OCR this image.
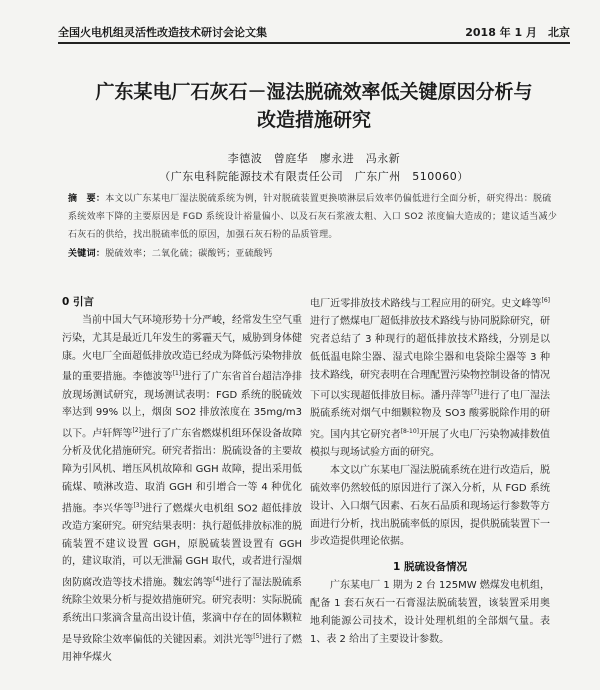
全国火电机组灵活性改造技术研讨会论文集	2018 年 1 月　北京
广东某电厂石灰石－湿法脱硫效率低关键原因分析与
改造措施研究
李德波　曾庭华　廖永进　冯永新
（广东电科院能源技术有限责任公司　广东广州　510060）
摘　要：本文以广东某电厂湿法脱硫系统为例，针对脱硫装置更换喷淋层后效率仍偏低进行全面分析，研究得出：脱硫系统效率下降的主要原因是 FGD 系统设计裕量偏小、以及石灰石浆液太粗、入口 SO2 浓度偏大造成的；建议适当减少石灰石的供给，找出脱硫率低的原因，加强石灰石粉的品质管理。
关键词：脱硫效率；二氧化硫；碳酸钙；亚硫酸钙
0 引言

当前中国大气环境形势十分严峻，经常发生空气重污染，尤其是最近几年发生的雾霾天气，威胁到身体健康。火电厂全面超低排放改造已经成为降低污染物排放量的重要措施。李德波等[1]进行了广东省首台超洁净排放现场测试研究，现场测试表明：FGD 系统的脱硫效率达到 99% 以上，烟囱 SO2 排放浓度在 35mg/m3 以下。卢轩辉等[2]进行了广东省燃煤机组环保设备故障分析及优化措施研究。研究者指出：脱硫设备的主要故障为引风机、增压风机故障和 GGH 故障，提出采用低硫煤、喷淋改造、取消 GGH 和引增合一等 4 种优化措施。李兴华等[3]进行了燃煤火电机组 SO2 超低排放改造方案研究。研究结果表明：执行超低排放标准的脱硫装置不建议设置 GGH，原脱硫装置设置有 GGH 的，建议取消，可以无泄漏 GGH 取代，或者进行湿烟囱防腐改造等技术措施。魏宏鸽等[4]进行了湿法脱硫系统除尘效果分析与提效措施研究。研究表明：实际脱硫系统出口浆滴含量高出设计值，浆滴中存在的固体颗粒是导致除尘效率偏低的关键因素。刘洪光等[5]进行了燃用神华煤火

电厂近零排放技术路线与工程应用的研究。史文峰等[6]进行了燃煤电厂超低排放技术路线与协同脱除研究，研究者总结了 3 种现行的超低排放技术路线，分别是以低低温电除尘器、湿式电除尘器和电袋除尘器等 3 种技术路线，研究表明在合理配置污染物控制设备的情况下可以实现超低排放目标。潘丹萍等[7]进行了电厂湿法脱硫系统对烟气中细颗粒物及 SO3 酸雾脱除作用的研究。国内其它研究者[8-10]开展了火电厂污染物减排数值模拟与现场试验方面的研究。

本文以广东某电厂湿法脱硫系统在进行改造后，脱硫效率仍然较低的原因进行了深入分析，从 FGD 系统设计、入口烟气因素、石灰石品质和现场运行参数等方面进行分析，找出脱硫率低的原因，提供脱硫装置下一步改造提供理论依据。

1 脱硫设备情况

广东某电厂 1 期为 2 台 125MW 燃煤发电机组，配备 1 套石灰石一石膏湿法脱硫装置，该装置采用奥地利能源公司技术，设计处理机组的全部烟气量。表 1、表 2 给出了主要设计参数。
